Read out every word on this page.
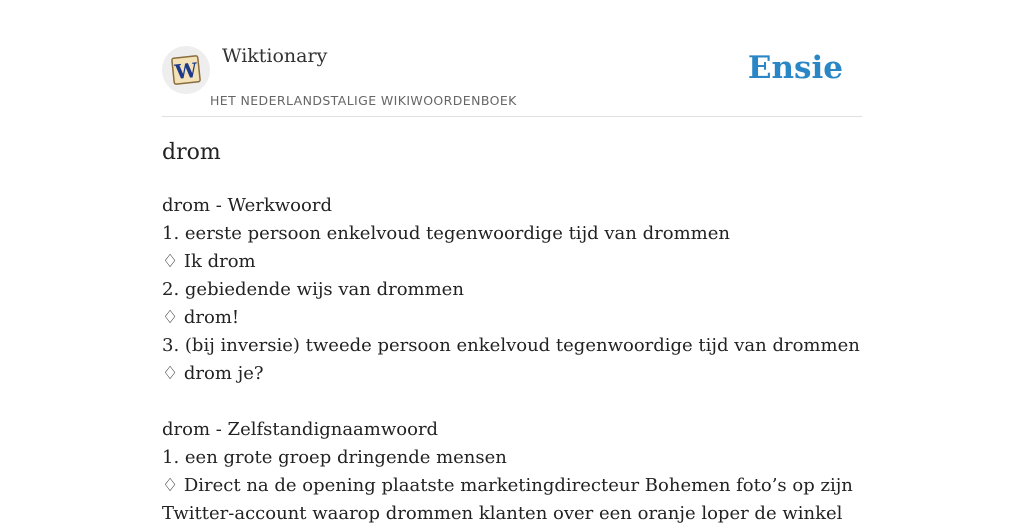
W
Wiktionary
HET NEDERLANDSTALIGE WIKIWOORDENBOEK
Ensie
drom
drom - Werkwoord
1. eerste persoon enkelvoud tegenwoordige tijd van drommen
♢ Ik drom
2. gebiedende wijs van drommen
♢ drom!
3. (bij inversie) tweede persoon enkelvoud tegenwoordige tijd van drommen
♢ drom je?
drom - Zelfstandignaamwoord
1. een grote groep dringende mensen
♢ Direct na de opening plaatste marketingdirecteur Bohemen foto’s op zijn Twitter-account waarop drommen klanten over een oranje loper de winkel
